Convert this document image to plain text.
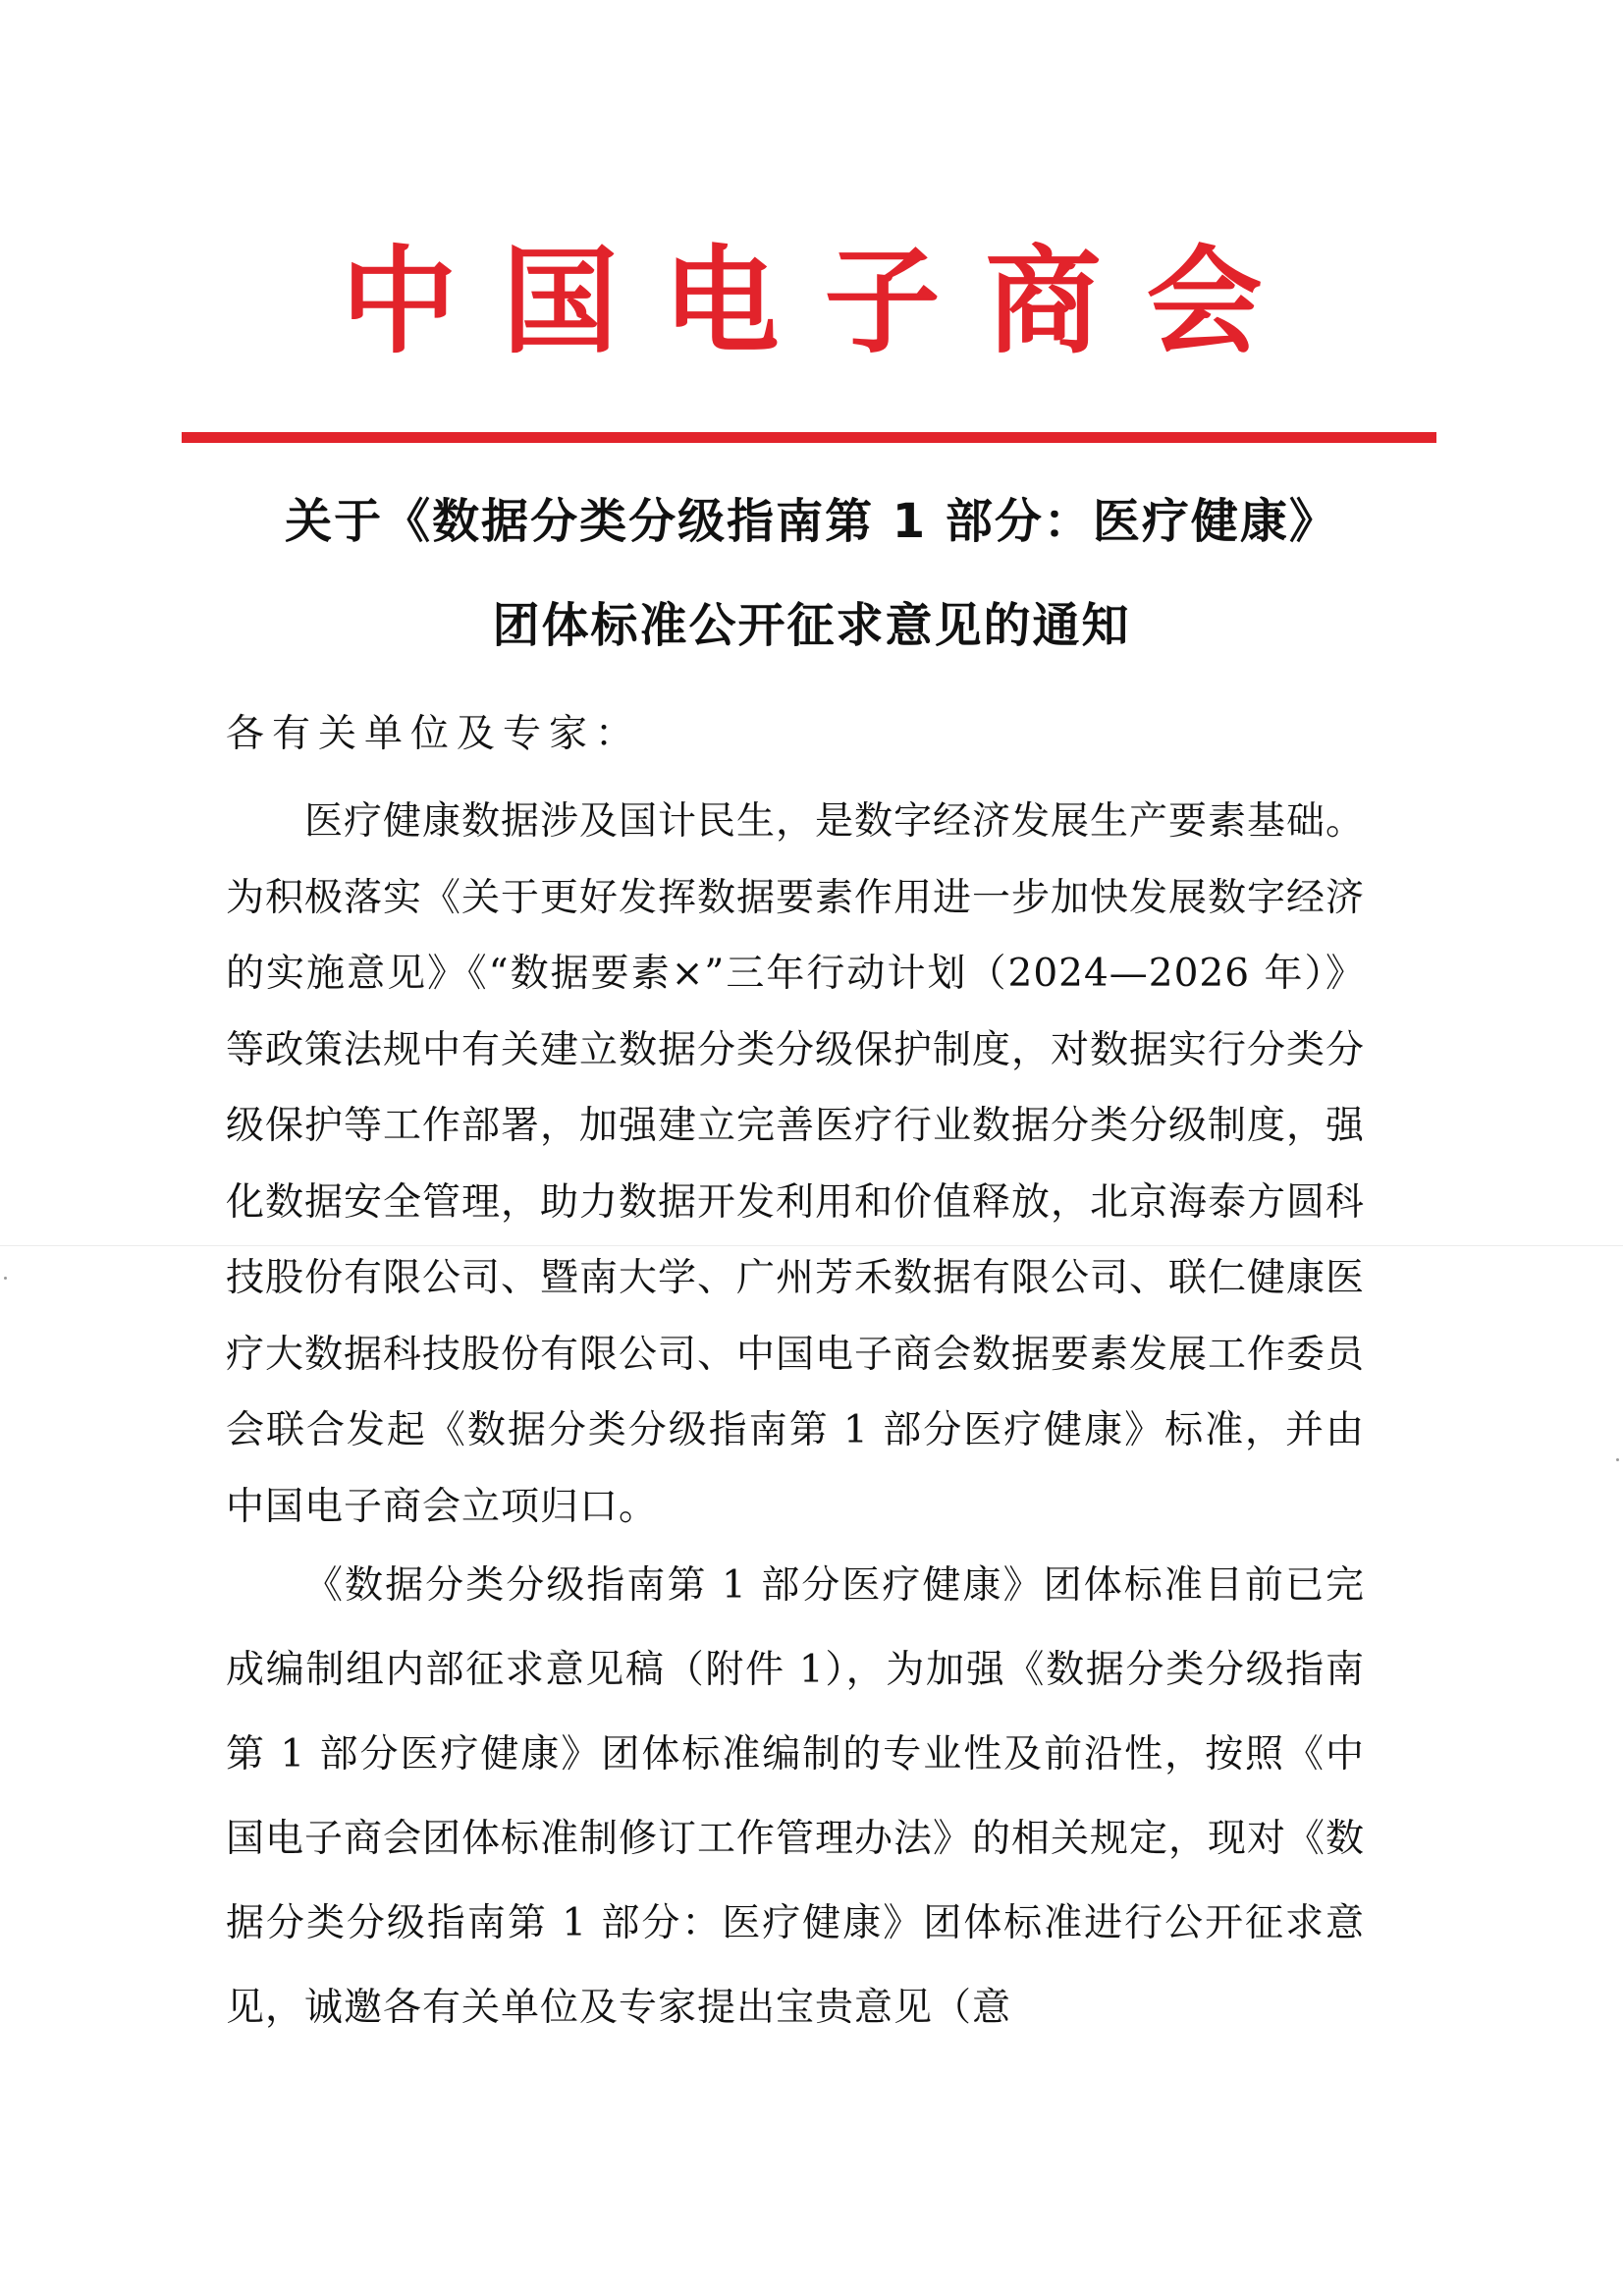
中国电子商会
关于《数据分类分级指南第 1 部分：医疗健康》
团体标准公开征求意见的通知
各有关单位及专家：

医疗健康数据涉及国计民生，是数字经济发展生产要素基础。为积极落实《关于更好发挥数据要素作用进一步加快发展数字经济的实施意见》《“数据要素×”三年行动计划（2024—2026 年）》等政策法规中有关建立数据分类分级保护制度，对数据实行分类分级保护等工作部署，加强建立完善医疗行业数据分类分级制度，强化数据安全管理，助力数据开发利用和价值释放，北京海泰方圆科技股份有限公司、暨南大学、广州芳禾数据有限公司、联仁健康医疗大数据科技股份有限公司、中国电子商会数据要素发展工作委员会联合发起《数据分类分级指南第 1 部分医疗健康》标准，并由中国电子商会立项归口。

《数据分类分级指南第 1 部分医疗健康》团体标准目前已完成编制组内部征求意见稿（附件 1），为加强《数据分类分级指南第 1 部分医疗健康》团体标准编制的专业性及前沿性，按照《中国电子商会团体标准制修订工作管理办法》的相关规定，现对《数据分类分级指南第 1 部分：医疗健康》团体标准进行公开征求意见，诚邀各有关单位及专家提出宝贵意见（意
